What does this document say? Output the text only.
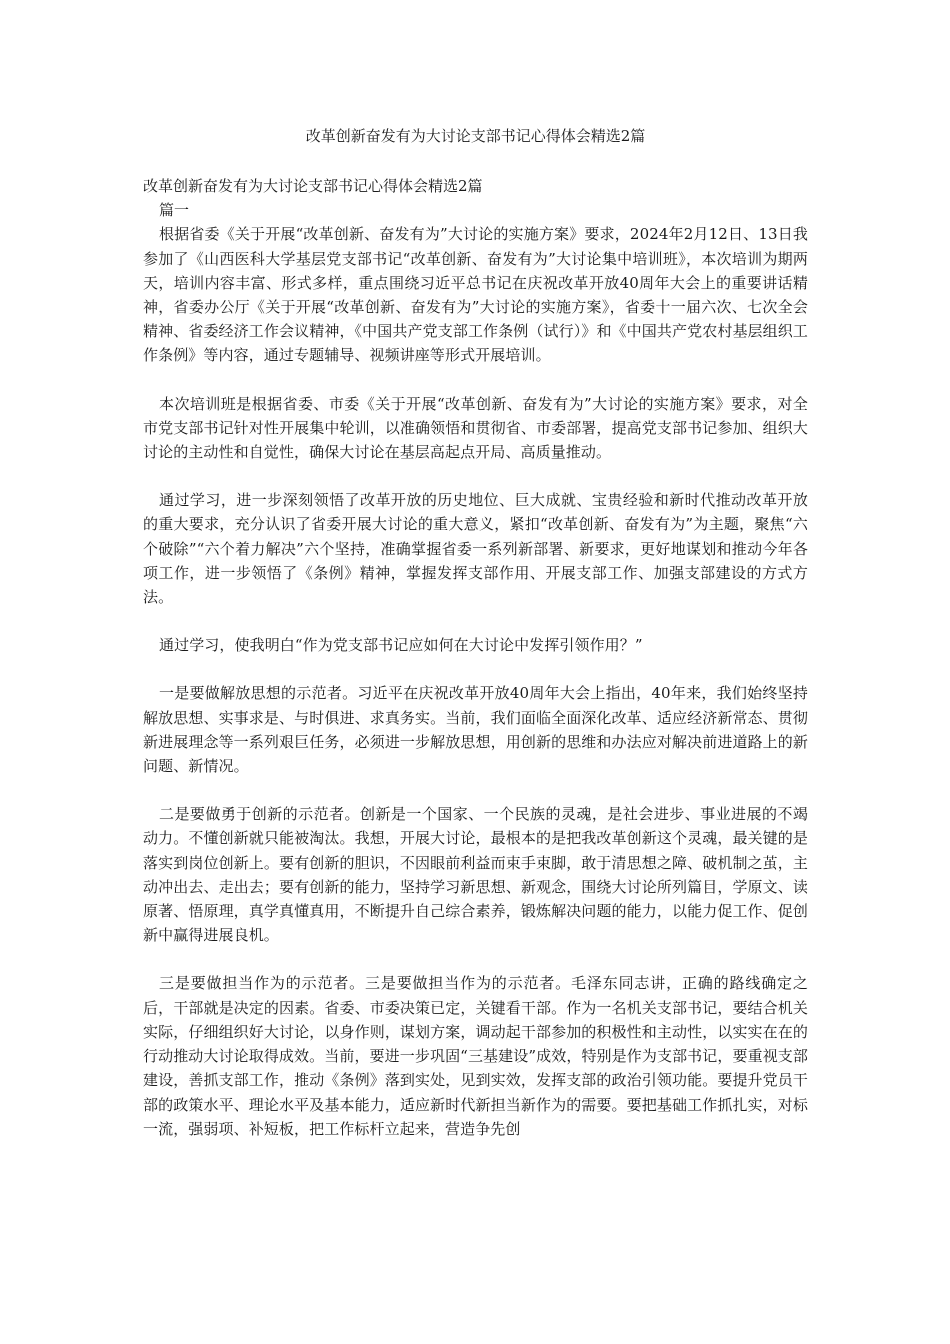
改革创新奋发有为大讨论支部书记心得体会精选2篇

改革创新奋发有为大讨论支部书记心得体会精选2篇

篇一

根据省委《关于开展“改革创新、奋发有为”大讨论的实施方案》要求，2024年2月12日、13日我参加了《山西医科大学基层党支部书记“改革创新、奋发有为”大讨论集中培训班》，本次培训为期两天，培训内容丰富、形式多样，重点围绕习近平总书记在庆祝改革开放40周年大会上的重要讲话精神，省委办公厅《关于开展“改革创新、奋发有为”大讨论的实施方案》，省委十一届六次、七次全会精神、省委经济工作会议精神，《中国共产党支部工作条例（试行）》和《中国共产党农村基层组织工作条例》等内容，通过专题辅导、视频讲座等形式开展培训。

本次培训班是根据省委、市委《关于开展“改革创新、奋发有为”大讨论的实施方案》要求，对全市党支部书记针对性开展集中轮训，以准确领悟和贯彻省、市委部署，提高党支部书记参加、组织大讨论的主动性和自觉性，确保大讨论在基层高起点开局、高质量推动。

通过学习，进一步深刻领悟了改革开放的历史地位、巨大成就、宝贵经验和新时代推动改革开放的重大要求，充分认识了省委开展大讨论的重大意义，紧扣“改革创新、奋发有为”为主题，聚焦“六个破除”“六个着力解决”六个坚持，准确掌握省委一系列新部署、新要求，更好地谋划和推动今年各项工作，进一步领悟了《条例》精神，掌握发挥支部作用、开展支部工作、加强支部建设的方式方法。

通过学习，使我明白“作为党支部书记应如何在大讨论中发挥引领作用？”

一是要做解放思想的示范者。习近平在庆祝改革开放40周年大会上指出，40年来，我们始终坚持解放思想、实事求是、与时俱进、求真务实。当前，我们面临全面深化改革、适应经济新常态、贯彻新进展理念等一系列艰巨任务，必须进一步解放思想，用创新的思维和办法应对解决前进道路上的新问题、新情况。

二是要做勇于创新的示范者。创新是一个国家、一个民族的灵魂，是社会进步、事业进展的不竭动力。不懂创新就只能被淘汰。我想，开展大讨论，最根本的是把我改革创新这个灵魂，最关键的是落实到岗位创新上。要有创新的胆识，不因眼前利益而束手束脚，敢于清思想之障、破机制之茧，主动冲出去、走出去；要有创新的能力，坚持学习新思想、新观念，围绕大讨论所列篇目，学原文、读原著、悟原理，真学真懂真用，不断提升自己综合素养，锻炼解决问题的能力，以能力促工作、促创新中赢得进展良机。

三是要做担当作为的示范者。三是要做担当作为的示范者。毛泽东同志讲，正确的路线确定之后，干部就是决定的因素。省委、市委决策已定，关键看干部。作为一名机关支部书记，要结合机关实际，仔细组织好大讨论，以身作则，谋划方案，调动起干部参加的积极性和主动性，以实实在在的行动推动大讨论取得成效。当前，要进一步巩固“三基建设”成效，特别是作为支部书记，要重视支部建设，善抓支部工作，推动《条例》落到实处，见到实效，发挥支部的政治引领功能。要提升党员干部的政策水平、理论水平及基本能力，适应新时代新担当新作为的需要。要把基础工作抓扎实，对标一流，强弱项、补短板，把工作标杆立起来，营造争先创
